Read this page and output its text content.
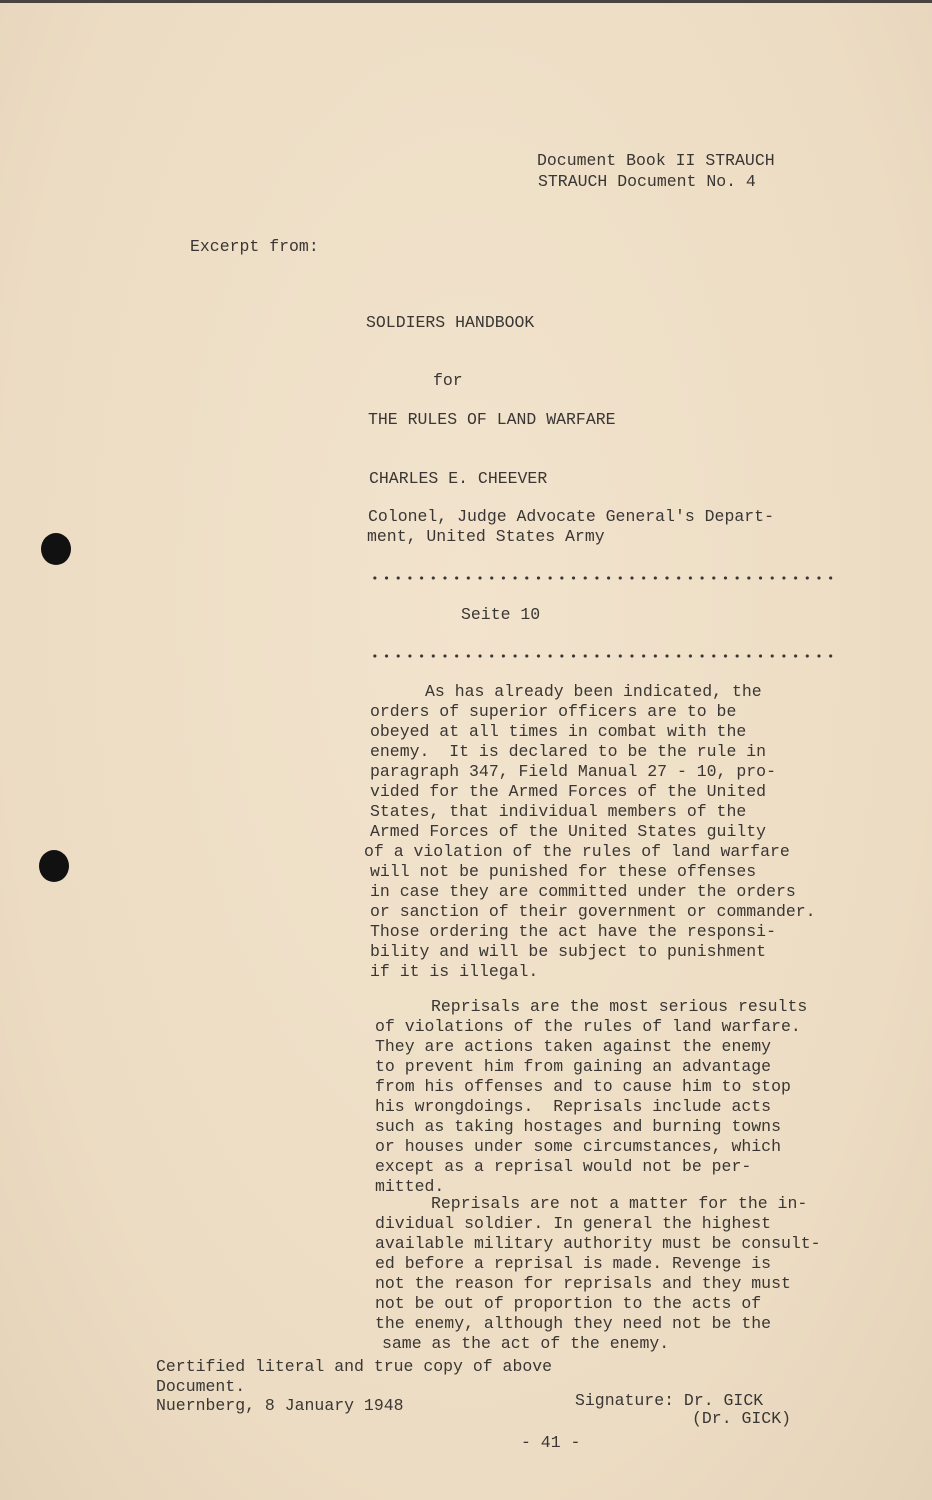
Document Book II STRAUCH
STRAUCH Document No. 4
Excerpt from:
SOLDIERS HANDBOOK
for
THE RULES OF LAND WARFARE
CHARLES E. CHEEVER
Colonel, Judge Advocate General's Depart-
ment, United States Army
Seite 10
As has already been indicated, the
orders of superior officers are to be
obeyed at all times in combat with the
enemy.  It is declared to be the rule in
paragraph 347, Field Manual 27 - 10, pro-
vided for the Armed Forces of the United
States, that individual members of the
Armed Forces of the United States guilty
of a violation of the rules of land warfare
will not be punished for these offenses
in case they are committed under the orders
or sanction of their government or commander.
Those ordering the act have the responsi-
bility and will be subject to punishment
if it is illegal.
Reprisals are the most serious results
of violations of the rules of land warfare.
They are actions taken against the enemy
to prevent him from gaining an advantage
from his offenses and to cause him to stop
his wrongdoings.  Reprisals include acts
such as taking hostages and burning towns
or houses under some circumstances, which
except as a reprisal would not be per-
mitted.
Reprisals are not a matter for the in-
dividual soldier. In general the highest
available military authority must be consult-
ed before a reprisal is made. Revenge is
not the reason for reprisals and they must
not be out of proportion to the acts of
the enemy, although they need not be the
same as the act of the enemy.
Certified literal and true copy of above
Document.
Nuernberg, 8 January 1948	Signature: Dr. GICK
(Dr. GICK)
- 41 -
